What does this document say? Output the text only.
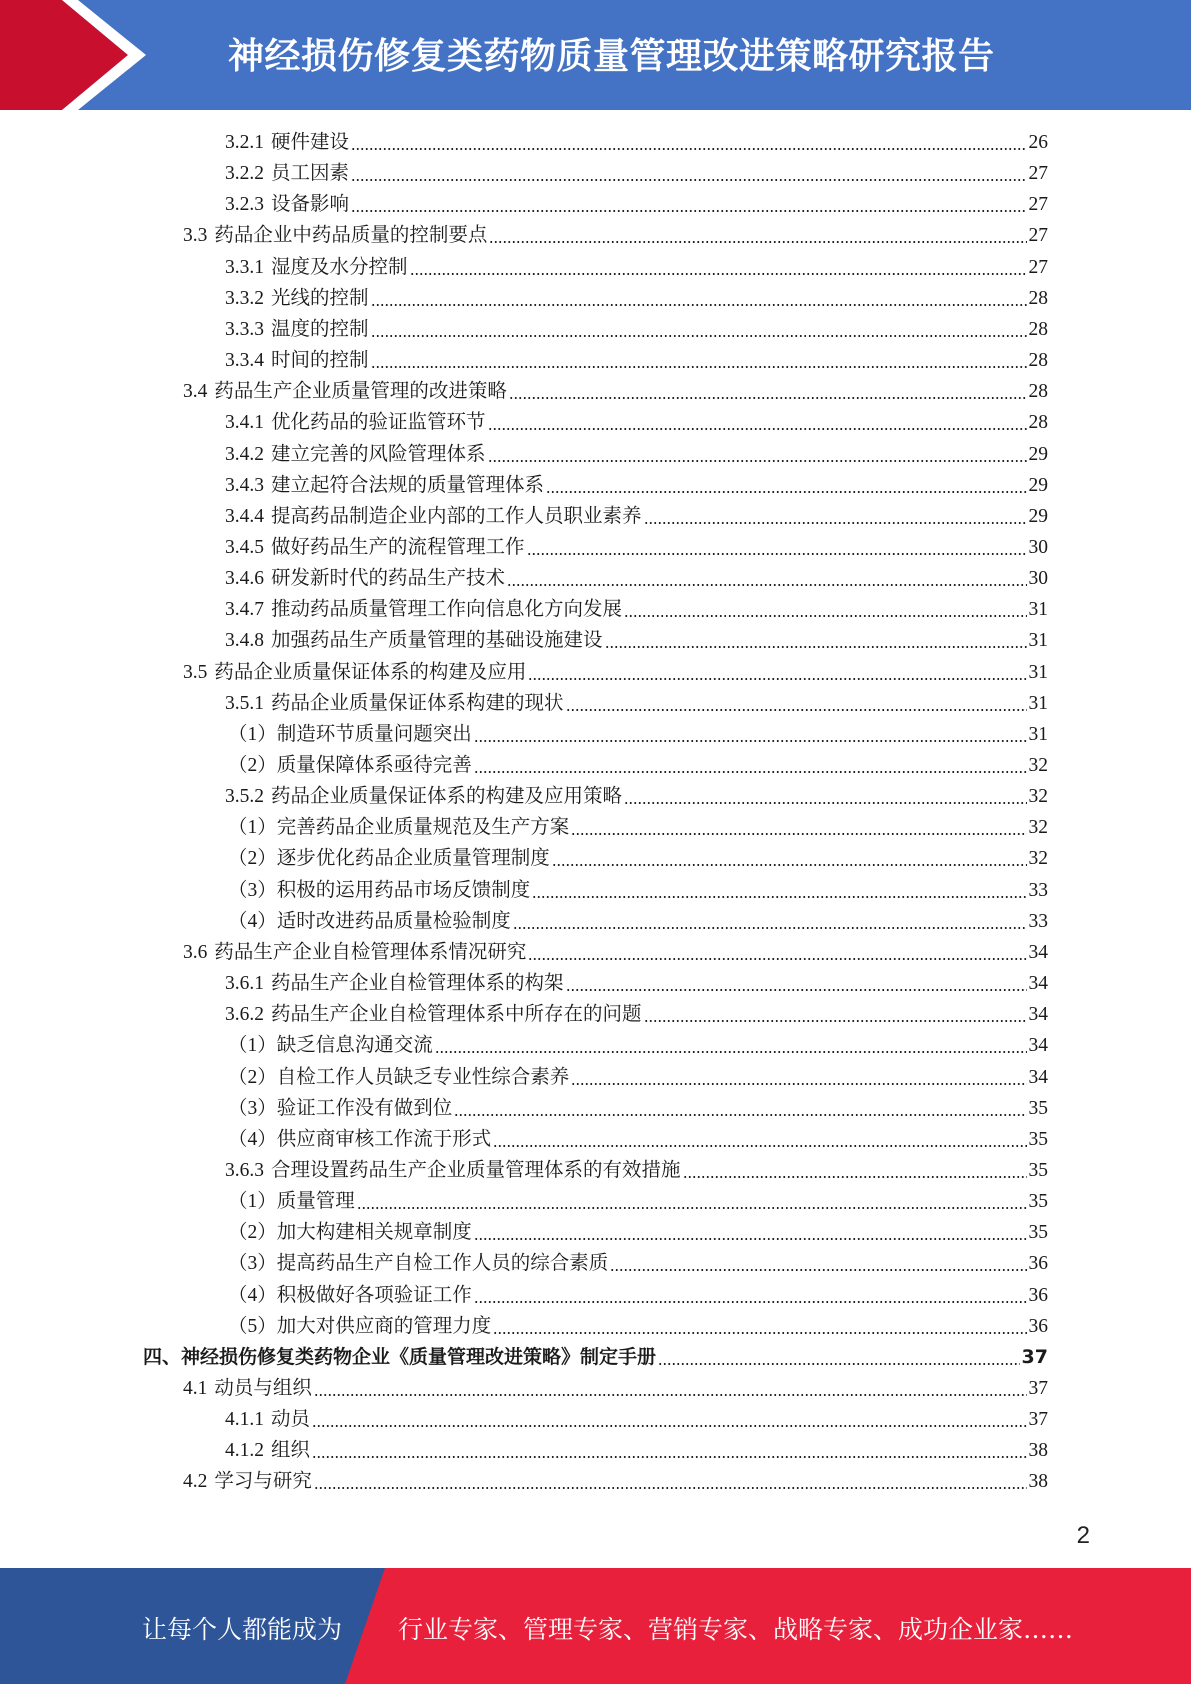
神经损伤修复类药物质量管理改进策略研究报告
3.2.1 硬件建设	26
3.2.2 员工因素	27
3.2.3 设备影响	27
3.3 药品企业中药品质量的控制要点	27
3.3.1 湿度及水分控制	27
3.3.2 光线的控制	28
3.3.3 温度的控制	28
3.3.4 时间的控制	28
3.4 药品生产企业质量管理的改进策略	28
3.4.1 优化药品的验证监管环节	28
3.4.2 建立完善的风险管理体系	29
3.4.3 建立起符合法规的质量管理体系	29
3.4.4 提高药品制造企业内部的工作人员职业素养	29
3.4.5 做好药品生产的流程管理工作	30
3.4.6 研发新时代的药品生产技术	30
3.4.7 推动药品质量管理工作向信息化方向发展	31
3.4.8 加强药品生产质量管理的基础设施建设	31
3.5 药品企业质量保证体系的构建及应用	31
3.5.1 药品企业质量保证体系构建的现状	31
（1） 制造环节质量问题突出	31
（2） 质量保障体系亟待完善	32
3.5.2 药品企业质量保证体系的构建及应用策略	32
（1） 完善药品企业质量规范及生产方案	32
（2） 逐步优化药品企业质量管理制度	32
（3） 积极的运用药品市场反馈制度	33
（4） 适时改进药品质量检验制度	33
3.6 药品生产企业自检管理体系情况研究	34
3.6.1 药品生产企业自检管理体系的构架	34
3.6.2 药品生产企业自检管理体系中所存在的问题	34
（1） 缺乏信息沟通交流	34
（2） 自检工作人员缺乏专业性综合素养	34
（3） 验证工作没有做到位	35
（4） 供应商审核工作流于形式	35
3.6.3 合理设置药品生产企业质量管理体系的有效措施	35
（1） 质量管理	35
（2） 加大构建相关规章制度	35
（3） 提高药品生产自检工作人员的综合素质	36
（4） 积极做好各项验证工作	36
（5） 加大对供应商的管理力度	36
四、 神经损伤修复类药物企业《质量管理改进策略》制定手册	37
4.1 动员与组织	37
4.1.1 动员	37
4.1.2 组织	38
4.2 学习与研究	38
2
让每个人都能成为 行业专家、管理专家、营销专家、战略专家、成功企业家……
